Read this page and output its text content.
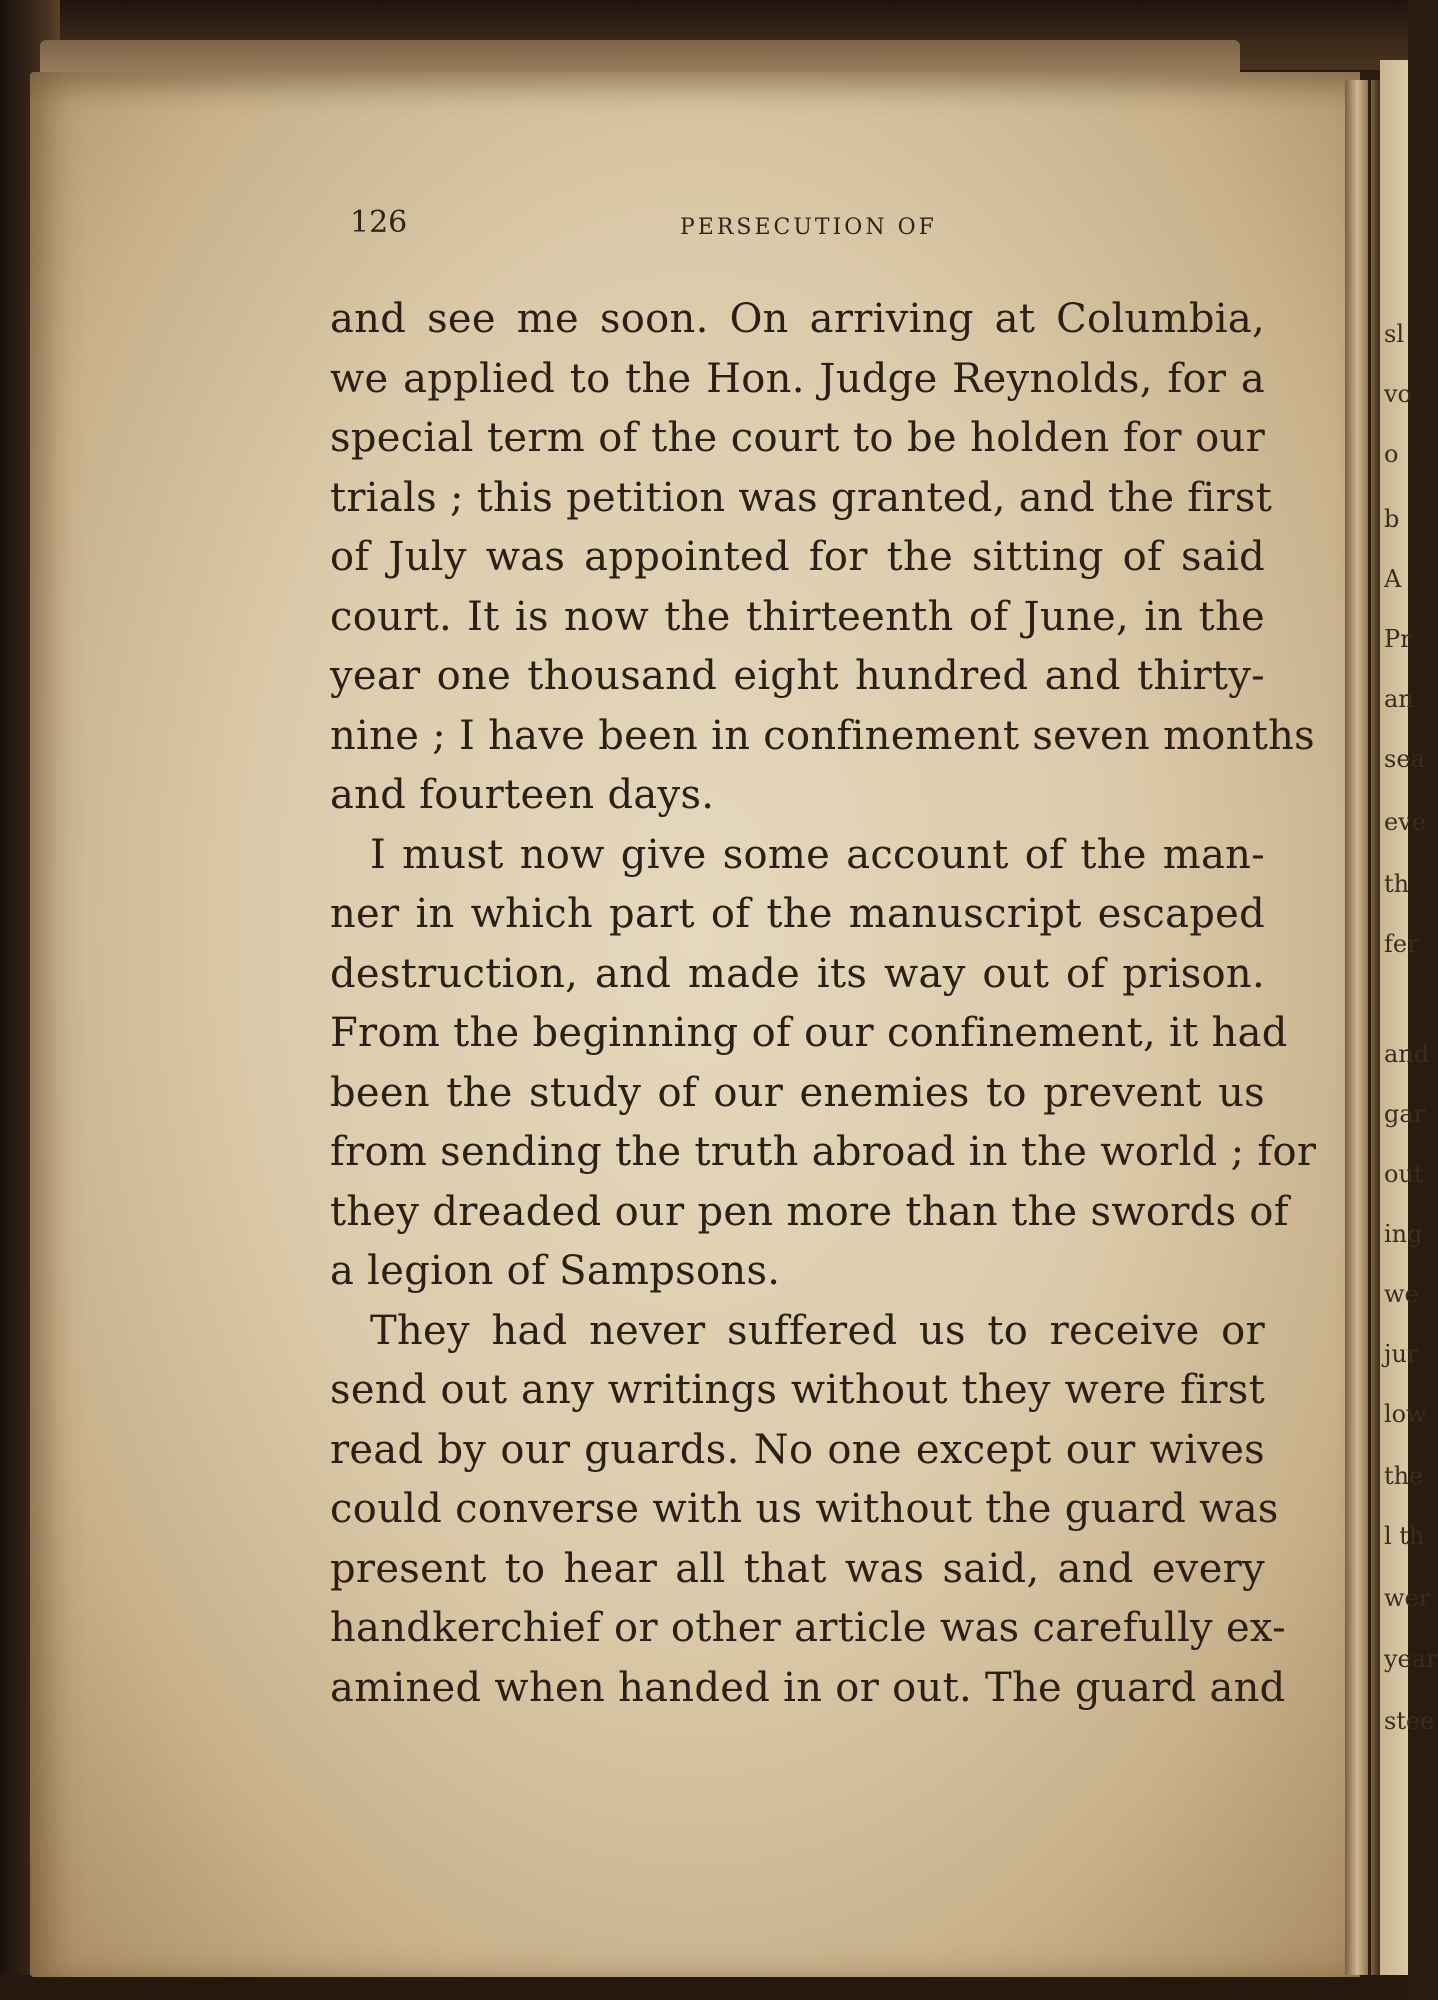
sl
vo
o
b
A
Pr
an
sea
eve
th
fer
and
gar
out
ing
we
jur
low
the
l th
wer
year
stee
126	PERSECUTION OF
and see me soon. On arriving at Columbia,
we applied to the Hon. Judge Reynolds, for a
special term of the court to be holden for our
trials ; this petition was granted, and the first
of July was appointed for the sitting of said
court. It is now the thirteenth of June, in the
year one thousand eight hundred and thirty-
nine ; I have been in confinement seven months
and fourteen days.
I must now give some account of the man-
ner in which part of the manuscript escaped
destruction, and made its way out of prison.
From the beginning of our confinement, it had
been the study of our enemies to prevent us
from sending the truth abroad in the world ; for
they dreaded our pen more than the swords of
a legion of Sampsons.
They had never suffered us to receive or
send out any writings without they were first
read by our guards. No one except our wives
could converse with us without the guard was
present to hear all that was said, and every
handkerchief or other article was carefully ex-
amined when handed in or out. The guard and
